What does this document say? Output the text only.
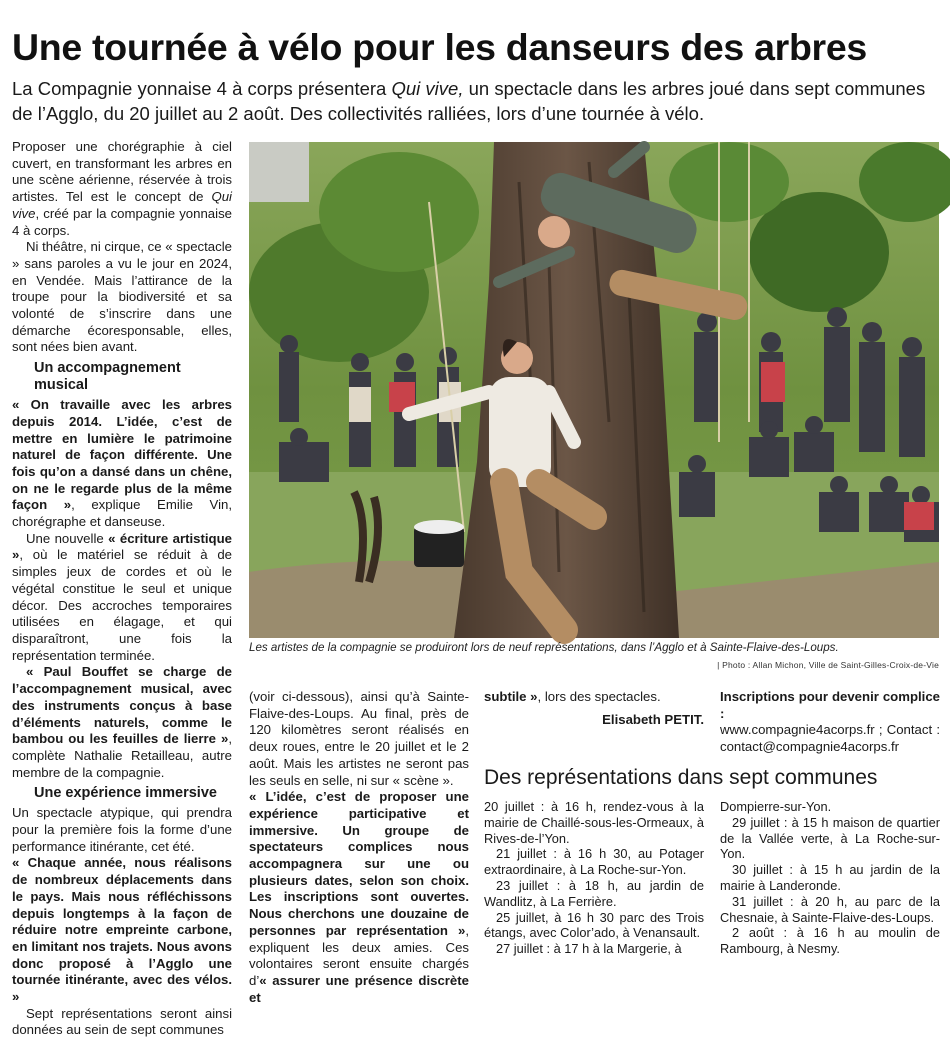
Une tournée à vélo pour les danseurs des arbres

La Compagnie yonnaise 4 à corps présentera Qui vive, un spectacle dans les arbres joué dans sept communes de l’Agglo, du 20 juillet au 2 août. Des collectivités ralliées, lors d’une tournée à vélo.

Proposer une chorégraphie à ciel cuvert, en transformant les arbres en une scène aérienne, réservée à trois artistes. Tel est le concept de Qui vive, créé par la compagnie yonnaise 4 à corps.

Ni théâtre, ni cirque, ce « spectacle » sans paroles a vu le jour en 2024, en Vendée. Mais l’attirance de la troupe pour la biodiversité et sa volonté de s’inscrire dans une démarche écoresponsable, elles, sont nées bien avant.

Un accompagnement musical

« On travaille avec les arbres depuis 2014. L’idée, c’est de mettre en lumière le patrimoine naturel de façon différente. Une fois qu’on a dansé dans un chêne, on ne le regarde plus de la même façon », explique Emilie Vin, chorégraphe et danseuse.

Une nouvelle « écriture artistique », où le matériel se réduit à de simples jeux de cordes et où le végétal constitue le seul et unique décor. Des accroches temporaires utilisées en élagage, et qui disparaîtront, une fois la représentation terminée.

« Paul Bouffet se charge de l’accompagnement musical, avec des instruments conçus à base d’éléments naturels, comme le bambou ou les feuilles de lierre », complète Nathalie Retailleau, autre membre de la compagnie.

Une expérience immersive

Un spectacle atypique, qui prendra pour la première fois la forme d’une performance itinérante, cet été.

« Chaque année, nous réalisons de nombreux déplacements dans le pays. Mais nous réfléchissons depuis longtemps à la façon de réduire notre empreinte carbone, en limitant nos trajets. Nous avons donc proposé à l’Agglo une tournée itinérante, avec des vélos. »

Sept représentations seront ainsi données au sein de sept communes

Les artistes de la compagnie se produiront lors de neuf représentations, dans l’Agglo et à Sainte-Flaive-des-Loups.
| Photo : Allan Michon, Ville de Saint-Gilles-Croix-de-Vie

(voir ci-dessous), ainsi qu’à Sainte-Flaive-des-Loups. Au final, près de 120 kilomètres seront réalisés en deux roues, entre le 20 juillet et le 2 août. Mais les artistes ne seront pas les seuls en selle, ni sur « scène ».

« L’idée, c’est de proposer une expérience participative et immersive. Un groupe de spectateurs complices nous accompagnera sur une ou plusieurs dates, selon son choix. Les inscriptions sont ouvertes. Nous cherchons une douzaine de personnes par représentation », expliquent les deux amies. Ces volontaires seront ensuite chargés d’« assurer une présence discrète et

subtile », lors des spectacles.

Elisabeth PETIT.

Inscriptions pour devenir complice :

www.compagnie4acorps.fr ; Contact : contact@compagnie4acorps.fr

Des représentations dans sept communes

20 juillet : à 16 h, rendez-vous à la mairie de Chaillé-sous-les-Ormeaux, à Rives-de-l’Yon.

21 juillet : à 16 h 30, au Potager extraordinaire, à La Roche-sur-Yon.

23 juillet : à 18 h, au jardin de Wandlitz, à La Ferrière.

25 juillet, à 16 h 30 parc des Trois étangs, avec Color’ado, à Venansault.

27 juillet : à 17 h à la Margerie, à

Dompierre-sur-Yon.

29 juillet : à 15 h maison de quartier de la Vallée verte, à La Roche-sur-Yon.

30 juillet : à 15 h au jardin de la mairie à Landeronde.

31 juillet : à 20 h, au parc de la Chesnaie, à Sainte-Flaive-des-Loups.

2 août : à 16 h au moulin de Rambourg, à Nesmy.
